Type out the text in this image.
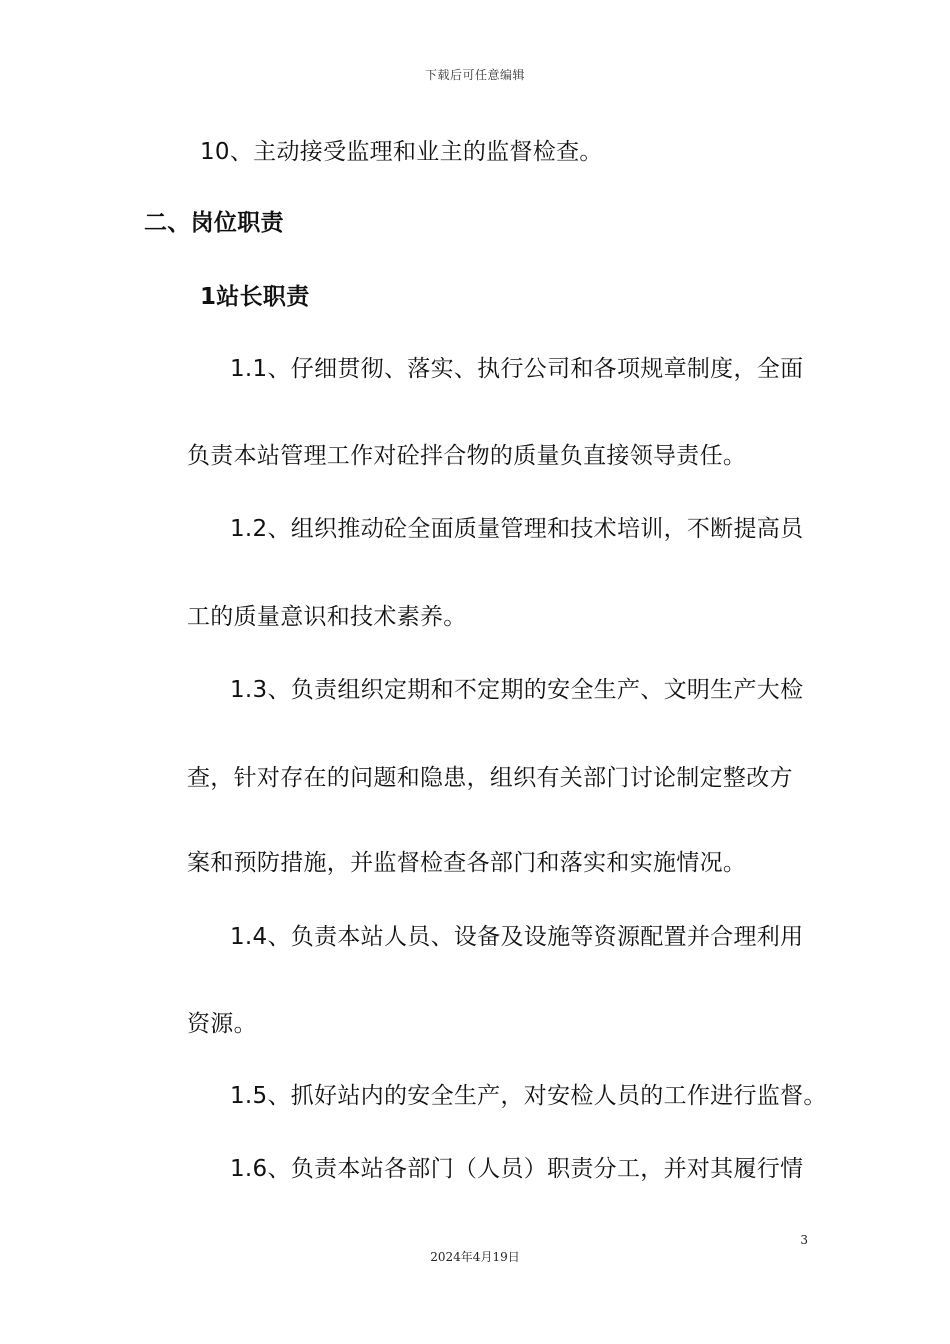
下载后可任意编辑
10、主动接受监理和业主的监督检查。
二、岗位职责
1站长职责
1.1、仔细贯彻、落实、执行公司和各项规章制度，全面
负责本站管理工作对砼拌合物的质量负直接领导责任。
1.2、组织推动砼全面质量管理和技术培训，不断提高员
工的质量意识和技术素养。
1.3、负责组织定期和不定期的安全生产、文明生产大检
查，针对存在的问题和隐患，组织有关部门讨论制定整改方
案和预防措施，并监督检查各部门和落实和实施情况。
1.4、负责本站人员、设备及设施等资源配置并合理利用
资源。
1.5、抓好站内的安全生产，对安检人员的工作进行监督。
1.6、负责本站各部门（人员）职责分工，并对其履行情
3
2024年4月19日
